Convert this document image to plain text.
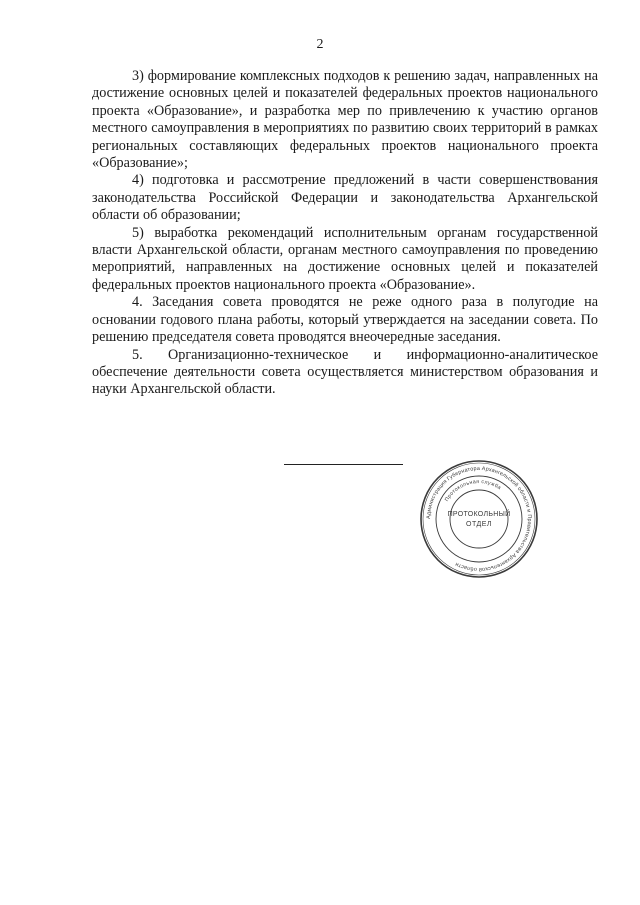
2

3) формирование комплексных подходов к решению задач, направленных на достижение основных целей и показателей федеральных проектов национального проекта «Образование», и разработка мер по привлечению к участию органов местного самоуправления в мероприятиях по развитию своих территорий в рамках региональных составляющих федеральных проектов национального проекта «Образование»;

4) подготовка и рассмотрение предложений в части совершенствования законодательства Российской Федерации и законодательства Архангельской области об образовании;

5) выработка рекомендаций исполнительным органам государственной власти Архангельской области, органам местного самоуправления по проведению мероприятий, направленных на достижение основных целей и показателей федеральных проектов национального проекта «Образование».

4. Заседания совета проводятся не реже одного раза в полугодие на основании годового плана работы, который утверждается на заседании совета. По решению председателя совета проводятся внеочередные заседания.

5. Организационно-техническое и информационно-аналитическое обеспечение деятельности совета осуществляется министерством образования и науки Архангельской области.

Администрация Губернатора Архангельской области и Правительства Архангельской области
Протокольная служба
ПРОТОКОЛЬНЫЙ
ОТДЕЛ
